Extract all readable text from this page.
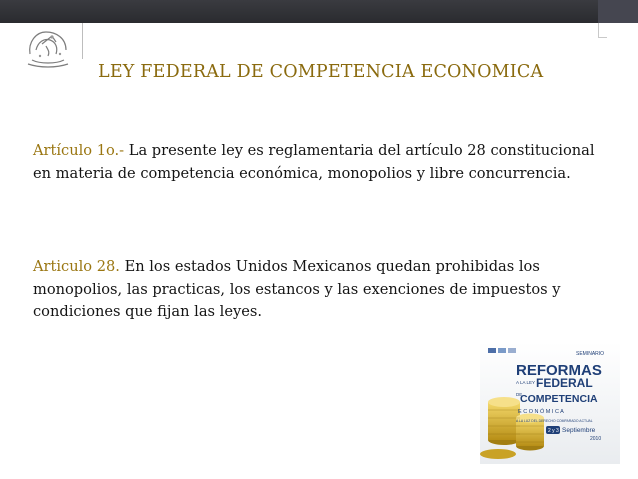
LEY FEDERAL DE COMPETENCIA ECONOMICA
Artículo 1o.- La presente ley es reglamentaria del artículo 28 constitucional en materia de competencia económica, monopolios y libre concurrencia.
Articulo 28. En los estados Unidos Mexicanos quedan prohibidas los monopolios, las practicas, los estancos y las exenciones de impuestos y condiciones que fijan las leyes.
SEMINARIO
REFORMAS
A LA LEY FEDERAL
DE
COMPETENCIA
E C O N Ó M I C A
A LA LUZ DEL DERECHO COMPARADO ACTUAL
2 y 3 Septiembre
2010
